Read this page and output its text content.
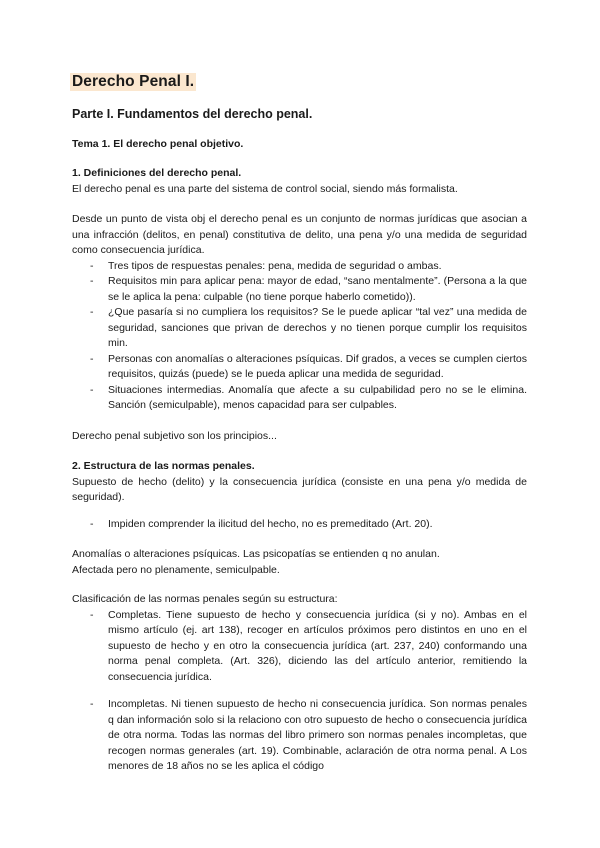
Derecho Penal I.
Parte I. Fundamentos del derecho penal.
Tema 1. El derecho penal objetivo.

1. Definiciones del derecho penal.

El derecho penal es una parte del sistema de control social, siendo más formalista.

Desde un punto de vista obj el derecho penal es un conjunto de normas jurídicas que asocian a una infracción (delitos, en penal) constitutiva de delito, una pena y/o una medida de seguridad como consecuencia jurídica.

- Tres tipos de respuestas penales: pena, medida de seguridad o ambas.
- Requisitos min para aplicar pena: mayor de edad, “sano mentalmente”. (Persona a la que se le aplica la pena: culpable (no tiene porque haberlo cometido)).
- ¿Que pasaría si no cumpliera los requisitos? Se le puede aplicar “tal vez” una medida de seguridad, sanciones que privan de derechos y no tienen porque cumplir los requisitos min.
- Personas con anomalías o alteraciones psíquicas. Dif grados, a veces se cumplen ciertos requisitos, quizás (puede) se le pueda aplicar una medida de seguridad.
- Situaciones intermedias. Anomalía que afecte a su culpabilidad pero no se le elimina. Sanción (semiculpable), menos capacidad para ser culpables.
Derecho penal subjetivo son los principios...

2. Estructura de las normas penales.

Supuesto de hecho (delito) y la consecuencia jurídica (consiste en una pena y/o medida de seguridad).

- Impiden comprender la ilicitud del hecho, no es premeditado (Art. 20).

Anomalías o alteraciones psíquicas. Las psicopatías se entienden q no anulan.

Afectada pero no plenamente, semiculpable.

Clasificación de las normas penales según su estructura:

- Completas. Tiene supuesto de hecho y consecuencia jurídica (si y no). Ambas en el mismo artículo (ej. art 138), recoger en artículos próximos pero distintos en uno en el supuesto de hecho y en otro la consecuencia jurídica (art. 237, 240) conformando una norma penal completa. (Art. 326), diciendo las del artículo anterior, remitiendo la consecuencia jurídica.
- Incompletas. Ni tienen supuesto de hecho ni consecuencia jurídica. Son normas penales q dan información solo si la relaciono con otro supuesto de hecho o consecuencia jurídica de otra norma. Todas las normas del libro primero son normas penales incompletas, que recogen normas generales (art. 19). Combinable, aclaración de otra norma penal. A Los menores de 18 años no se les aplica el código
